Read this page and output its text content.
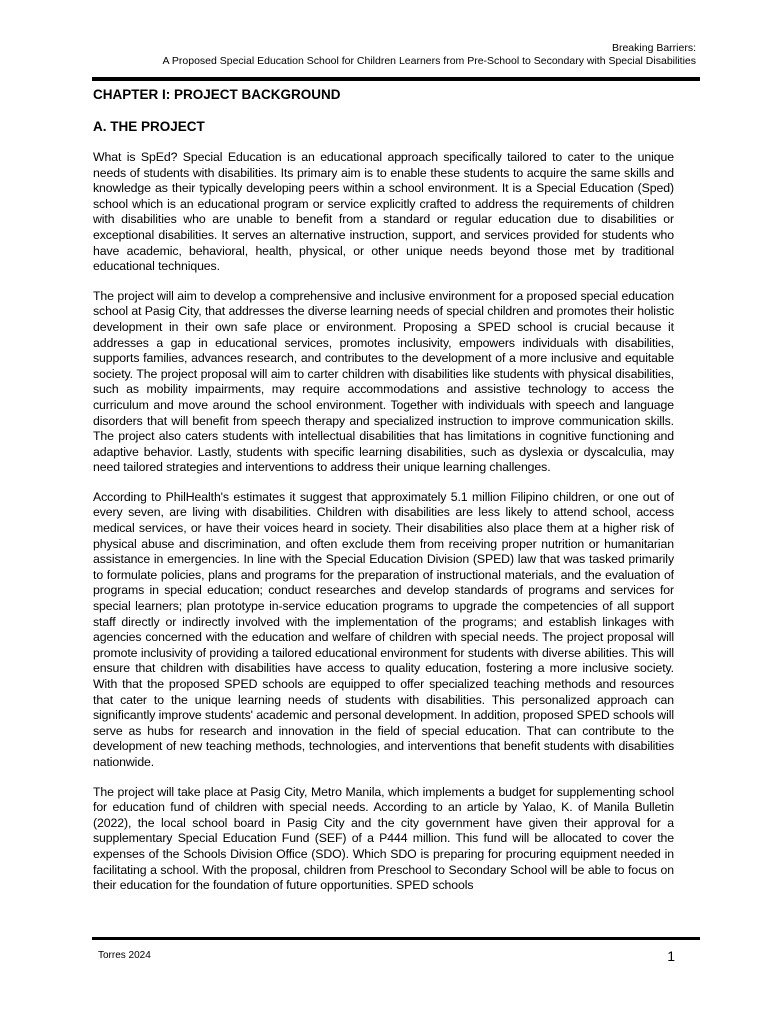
Breaking Barriers:
A Proposed Special Education School for Children Learners from Pre-School to Secondary with Special Disabilities
CHAPTER I: PROJECT BACKGROUND
A. THE PROJECT

What is SpEd? Special Education is an educational approach specifically tailored to cater to the unique needs of students with disabilities. Its primary aim is to enable these students to acquire the same skills and knowledge as their typically developing peers within a school environment. It is a Special Education (Sped) school which is an educational program or service explicitly crafted to address the requirements of children with disabilities who are unable to benefit from a standard or regular education due to disabilities or exceptional disabilities. It serves an alternative instruction, support, and services provided for students who have academic, behavioral, health, physical, or other unique needs beyond those met by traditional educational techniques.

The project will aim to develop a comprehensive and inclusive environment for a proposed special education school at Pasig City, that addresses the diverse learning needs of special children and promotes their holistic development in their own safe place or environment. Proposing a SPED school is crucial because it addresses a gap in educational services, promotes inclusivity, empowers individuals with disabilities, supports families, advances research, and contributes to the development of a more inclusive and equitable society. The project proposal will aim to carter children with disabilities like students with physical disabilities, such as mobility impairments, may require accommodations and assistive technology to access the curriculum and move around the school environment. Together with individuals with speech and language disorders that will benefit from speech therapy and specialized instruction to improve communication skills. The project also caters students with intellectual disabilities that has limitations in cognitive functioning and adaptive behavior. Lastly, students with specific learning disabilities, such as dyslexia or dyscalculia, may need tailored strategies and interventions to address their unique learning challenges.

According to PhilHealth's estimates it suggest that approximately 5.1 million Filipino children, or one out of every seven, are living with disabilities. Children with disabilities are less likely to attend school, access medical services, or have their voices heard in society. Their disabilities also place them at a higher risk of physical abuse and discrimination, and often exclude them from receiving proper nutrition or humanitarian assistance in emergencies. In line with the Special Education Division (SPED) law that was tasked primarily to formulate policies, plans and programs for the preparation of instructional materials, and the evaluation of programs in special education; conduct researches and develop standards of programs and services for special learners; plan prototype in-service education programs to upgrade the competencies of all support staff directly or indirectly involved with the implementation of the programs; and establish linkages with agencies concerned with the education and welfare of children with special needs. The project proposal will promote inclusivity of providing a tailored educational environment for students with diverse abilities. This will ensure that children with disabilities have access to quality education, fostering a more inclusive society. With that the proposed SPED schools are equipped to offer specialized teaching methods and resources that cater to the unique learning needs of students with disabilities. This personalized approach can significantly improve students' academic and personal development. In addition, proposed SPED schools will serve as hubs for research and innovation in the field of special education. That can contribute to the development of new teaching methods, technologies, and interventions that benefit students with disabilities nationwide.

The project will take place at Pasig City, Metro Manila, which implements a budget for supplementing school for education fund of children with special needs. According to an article by Yalao, K. of Manila Bulletin (2022), the local school board in Pasig City and the city government have given their approval for a supplementary Special Education Fund (SEF) of a P444 million. This fund will be allocated to cover the expenses of the Schools Division Office (SDO). Which SDO is preparing for procuring equipment needed in facilitating a school. With the proposal, children from Preschool to Secondary School will be able to focus on their education for the foundation of future opportunities. SPED schools

Torres 2024	1
